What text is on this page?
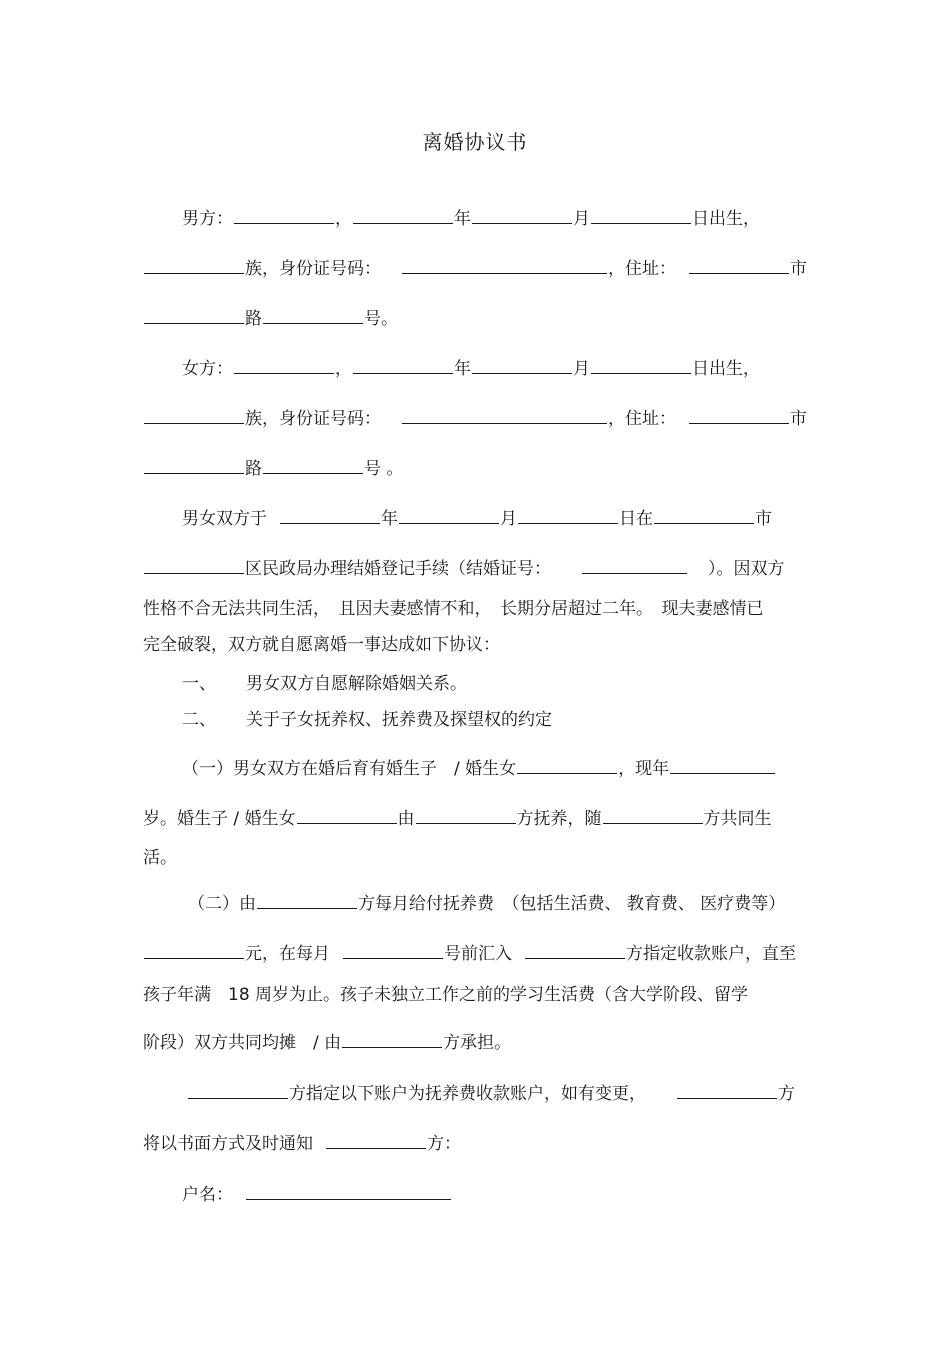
离婚协议书
男方：	，	年	月	日出生，
族，身份证号码：	，住址：	市
路	号。
女方：	，	年	月	日出生，
族，身份证号码：	，住址：	市
路	号 。
男女双方于	年	月	日在	市
区民政局办理结婚登记手续（结婚证号：	）。因双方
性格不合无法共同生活，　且因夫妻感情不和，　长期分居超过二年。　现夫妻感情已
完全破裂，双方就自愿离婚一事达成如下协议：
一、 男女双方自愿解除婚姻关系。
二、 关于子女抚养权、抚养费及探望权的约定
（一）男女双方在婚后育有婚生子　/ 婚生女	，现年
岁。婚生子 / 婚生女	由	方抚养，随	方共同生
活。
（二）由	方每月给付抚养费　（包括生活费、 教育费、 医疗费等）
元，在每月	号前汇入	方指定收款账户，直至
孩子年满　18 周岁为止。孩子未独立工作之前的学习生活费（含大学阶段、留学
阶段）双方共同均摊　/ 由	方承担。
方指定以下账户为抚养费收款账户，如有变更，	方
将以书面方式及时通知	方：
户名：
